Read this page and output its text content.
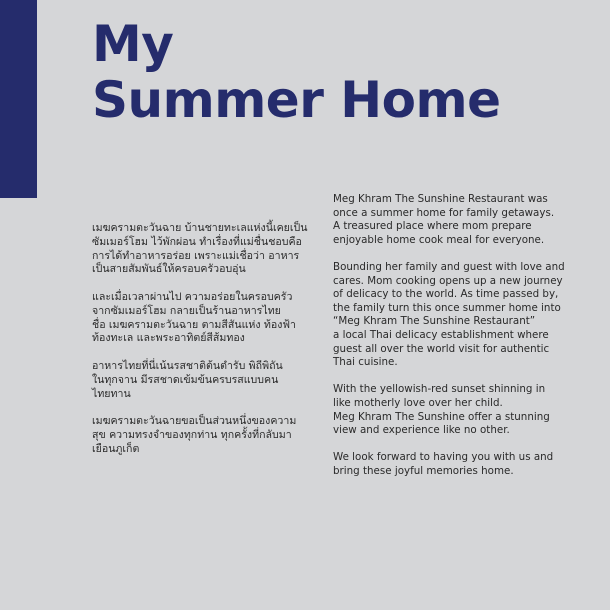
My
Summer Home

เมฆครามตะวันฉาย บ้านชายทะเลแห่งนี้เคยเป็น
ซัมเมอร์โฮม ไว้พักผ่อน ทำเรื่องที่แม่ชื่นชอบคือ
การได้ทำอาหารอร่อย เพราะแม่เชื่อว่า อาหาร
เป็นสายสัมพันธ์ให้ครอบครัวอบอุ่น

และเมื่อเวลาผ่านไป ความอร่อยในครอบครัว
จากซัมเมอร์โฮม กลายเป็นร้านอาหารไทย
ชื่อ เมฆครามตะวันฉาย ตามสีสันแห่ง ท้องฟ้า
ท้องทะเล และพระอาทิตย์สีส้มทอง

อาหารไทยที่นี่เน้นรสชาติต้นตำรับ พิถีพิถัน
ในทุกจาน มีรสชาดเข้มข้นครบรสแบบคนไทยทาน

เมฆครามตะวันฉายขอเป็นส่วนหนึ่งของความ
สุข ความทรงจำของทุกท่าน ทุกครั้งที่กลับมา
เยือนภูเก็ต

Meg Khram The Sunshine Restaurant was
once a summer home for family getaways.
A treasured place where mom prepare
enjoyable home cook meal for everyone.

Bounding her family and guest with love and
cares. Mom cooking opens up a new journey
of delicacy to the world. As time passed by,
the family turn this once summer home into
“Meg Khram The Sunshine Restaurant”
a local Thai delicacy establishment where
guest all over the world visit for authentic
Thai cuisine.

With the yellowish-red sunset shinning in
like motherly love over her child.
Meg Khram The Sunshine offer a stunning
view and experience like no other.

We look forward to having you with us and
bring these joyful memories home.
